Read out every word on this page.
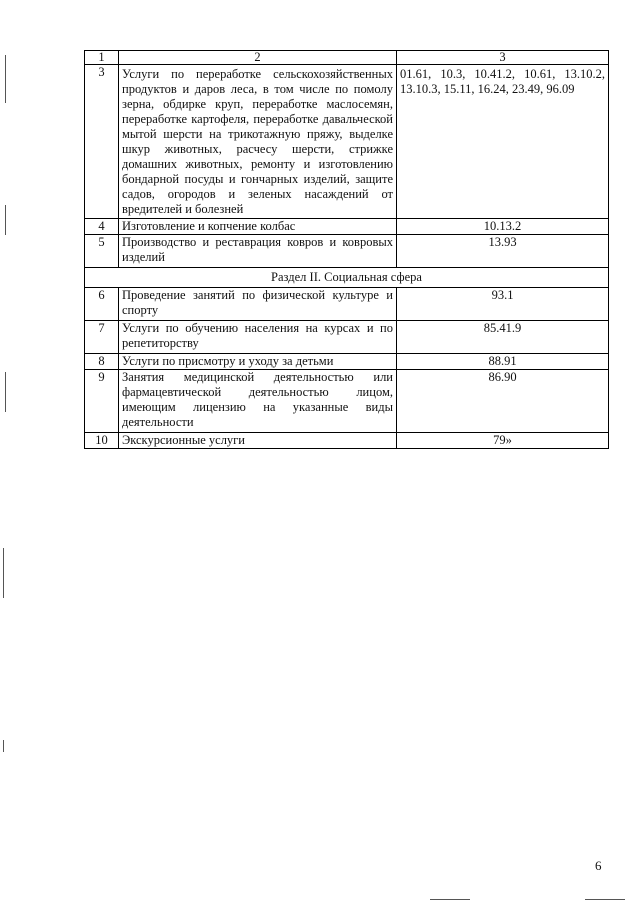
1	2	3
3	Услуги по переработке сельскохозяйственных продуктов и даров леса, в том числе по помолу зерна, обдирке круп, переработке маслосемян, переработке картофеля, переработке давальческой мытой шерсти на трикотажную пряжу, выделке шкур животных, расчесу шерсти, стрижке домашних животных, ремонту и изготовлению бондарной посуды и гончарных изделий, защите садов, огородов и зеленых насаждений от вредителей и болезней	01.61, 10.3, 10.41.2, 10.61, 13.10.2, 13.10.3, 15.11, 16.24, 23.49, 96.09
4	Изготовление и копчение колбас	10.13.2
5	Производство и реставрация ковров и ковровых изделий	13.93
Раздел II. Социальная сфера		
6	Проведение занятий по физической культуре и спорту	93.1
7	Услуги по обучению населения на курсах и по репетиторству	85.41.9
8	Услуги по присмотру и уходу за детьми	88.91
9	Занятия медицинской деятельностью или фармацевтической деятельностью лицом, имеющим лицензию на указанные виды деятельности	86.90
10	Экскурсионные услуги	79»
6
